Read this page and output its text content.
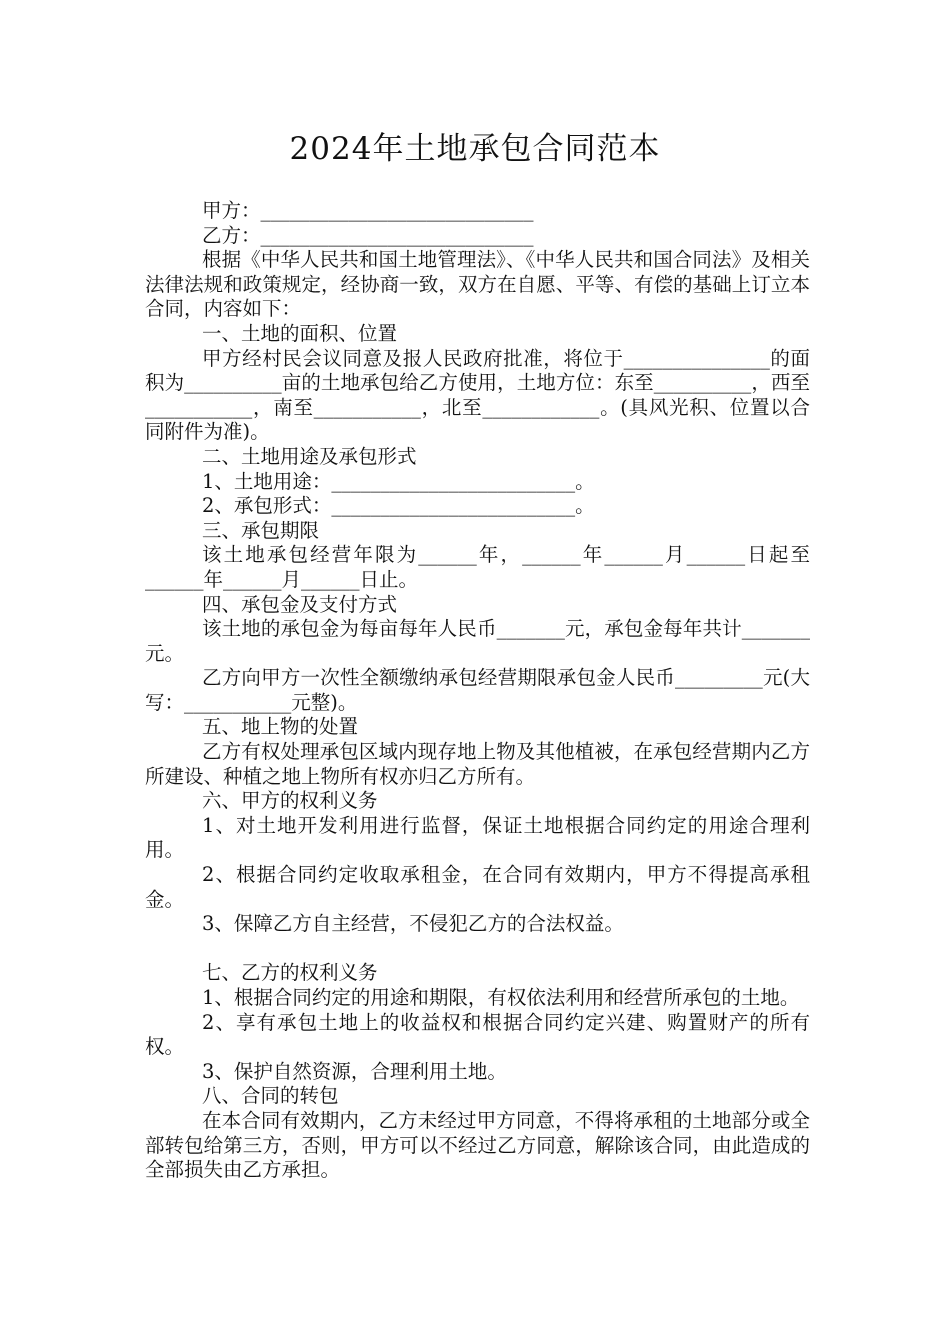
2024年土地承包合同范本

甲方：____________________________

乙方：____________________________

根据《中华人民共和国土地管理法》、《中华人民共和国合同法》及相关法律法规和政策规定，经协商一致，双方在自愿、平等、有偿的基础上订立本合同，内容如下：

一、土地的面积、位置

甲方经村民会议同意及报人民政府批准，将位于_______________的面积为__________亩的土地承包给乙方使用，土地方位：东至__________，西至___________，南至___________，北至____________。(具风光积、位置以合同附件为准)。

二、土地用途及承包形式

1、土地用途：_________________________。

2、承包形式：_________________________。

三、承包期限

该土地承包经营年限为______年，______年______月______日起至______年______月______日止。

四、承包金及支付方式

该土地的承包金为每亩每年人民币_______元，承包金每年共计_______元。

乙方向甲方一次性全额缴纳承包经营期限承包金人民币_________元(大写：___________元整)。

五、地上物的处置

乙方有权处理承包区域内现存地上物及其他植被，在承包经营期内乙方所建设、种植之地上物所有权亦归乙方所有。

六、甲方的权利义务

1、对土地开发利用进行监督，保证土地根据合同约定的用途合理利用。

2、根据合同约定收取承租金，在合同有效期内，甲方不得提高承租金。

3、保障乙方自主经营，不侵犯乙方的合法权益。

七、乙方的权利义务

1、根据合同约定的用途和期限，有权依法利用和经营所承包的土地。

2、享有承包土地上的收益权和根据合同约定兴建、购置财产的所有权。

3、保护自然资源，合理利用土地。

八、合同的转包

在本合同有效期内，乙方未经过甲方同意，不得将承租的土地部分或全部转包给第三方，否则，甲方可以不经过乙方同意，解除该合同，由此造成的全部损失由乙方承担。
